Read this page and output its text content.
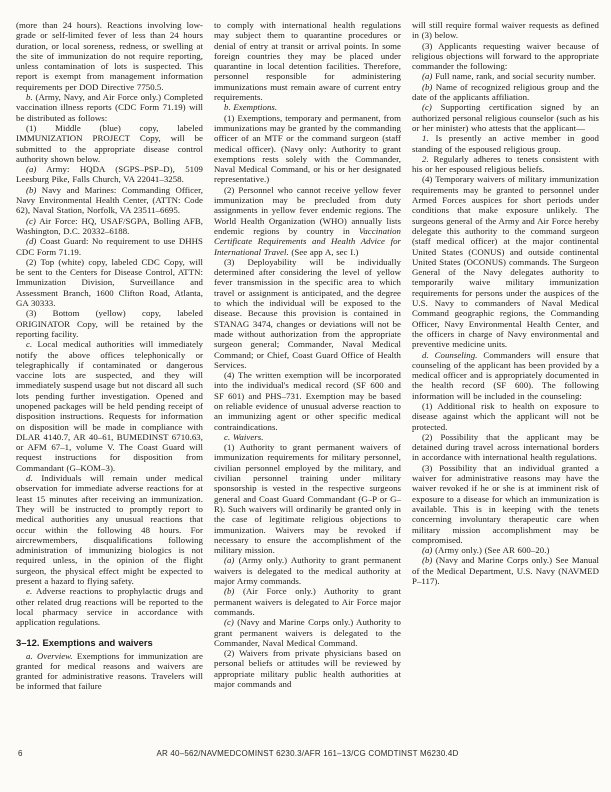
(more than 24 hours). Reactions involving low-grade or self-limited fever of less than 24 hours duration, or local soreness, redness, or swelling at the site of immunization do not require reporting, unless contamination of lots is suspected. This report is exempt from management information requirements per DOD Directive 7750.5.

b. (Army, Navy, and Air Force only.) Completed vaccination illness reports (CDC Form 71.19) will be distributed as follows:

(1) Middle (blue) copy, labeled IMMUNIZATION PROJECT Copy, will be submitted to the appropriate disease control authority shown below.

(a) Army: HQDA (SGPS–PSP–D), 5109 Leesburg Pike, Falls Church, VA 22041–3258.

(b) Navy and Marines: Commanding Officer, Navy Environmental Health Center, (ATTN: Code 62), Naval Station, Norfolk, VA 23511–6695.

(c) Air Force: HQ, USAF/SGPA, Bolling AFB, Washington, D.C. 20332–6188.

(d) Coast Guard: No requirement to use DHHS CDC Form 71.19.

(2) Top (white) copy, labeled CDC Copy, will be sent to the Centers for Disease Control, ATTN: Immunization Division, Surveillance and Assessment Branch, 1600 Clifton Road, Atlanta, GA 30333.

(3) Bottom (yellow) copy, labeled ORIGINATOR Copy, will be retained by the reporting facility.

c. Local medical authorities will immediately notify the above offices telephonically or telegraphically if contaminated or dangerous vaccine lots are suspected, and they will immediately suspend usage but not discard all such lots pending further investigation. Opened and unopened packages will be held pending receipt of disposition instructions. Requests for information on disposition will be made in compliance with DLAR 4140.7, AR 40–61, BUMEDINST 6710.63, or AFM 67–1, volume V. The Coast Guard will request instructions for disposition from Commandant (G–KOM–3).

d. Individuals will remain under medical observation for immediate adverse reactions for at least 15 minutes after receiving an immunization. They will be instructed to promptly report to medical authorities any unusual reactions that occur within the following 48 hours. For aircrewmembers, disqualifications following administration of immunizing biologics is not required unless, in the opinion of the flight surgeon, the physical effect might be expected to present a hazard to flying safety.

e. Adverse reactions to prophylactic drugs and other related drug reactions will be reported to the local pharmacy service in accordance with application regulations.

3–12. Exemptions and waivers

a. Overview. Exemptions for immunization are granted for medical reasons and waivers are granted for administrative reasons. Travelers will be informed that failure

to comply with international health regulations may subject them to quarantine procedures or denial of entry at transit or arrival points. In some foreign countries they may be placed under quarantine in local detention facilities. Therefore, personnel responsible for administering immunizations must remain aware of current entry requirements.

b. Exemptions.

(1) Exemptions, temporary and permanent, from immunizations may be granted by the commanding officer of an MTF or the command surgeon (staff medical officer). (Navy only: Authority to grant exemptions rests solely with the Commander, Naval Medical Command, or his or her designated representative.)

(2) Personnel who cannot receive yellow fever immunization may be precluded from duty assignments in yellow fever endemic regions. The World Health Organization (WHO) annually lists endemic regions by country in Vaccination Certificate Requirements and Health Advice for International Travel. (See app A, sec I.)

(3) Deployability will be individually determined after considering the level of yellow fever transmission in the specific area to which travel or assignment is anticipated, and the degree to which the individual will be exposed to the disease. Because this provision is contained in STANAG 3474, changes or deviations will not be made without authorization from the appropriate surgeon general; Commander, Naval Medical Command; or Chief, Coast Guard Office of Health Services.

(4) The written exemption will be incorporated into the individual's medical record (SF 600 and SF 601) and PHS–731. Exemption may be based on reliable evidence of unusual adverse reaction to an immunizing agent or other specific medical contraindications.

c. Waivers.

(1) Authority to grant permanent waivers of immunization requirements for military personnel, civilian personnel employed by the military, and civilian personnel training under military sponsorship is vested in the respective surgeons general and Coast Guard Commandant (G–P or G–R). Such waivers will ordinarily be granted only in the case of legitimate religious objections to immunization. Waivers may be revoked if necessary to ensure the accomplishment of the military mission.

(a) (Army only.) Authority to grant permanent waivers is delegated to the medical authority at major Army commands.

(b) (Air Force only.) Authority to grant permanent waivers is delegated to Air Force major commands.

(c) (Navy and Marine Corps only.) Authority to grant permanent waivers is delegated to the Commander, Naval Medical Command.

(2) Waivers from private physicians based on personal beliefs or attitudes will be reviewed by appropriate military public health authorities at major commands and

will still require formal waiver requests as defined in (3) below.

(3) Applicants requesting waiver because of religious objections will forward to the appropriate commander the following:

(a) Full name, rank, and social security number.

(b) Name of recognized religious group and the date of the applicants affiliation.

(c) Supporting certification signed by an authorized personal religious counselor (such as his or her minister) who attests that the applicant—

1. Is presently an active member in good standing of the espoused religious group.

2. Regularly adheres to tenets consistent with his or her espoused religious beliefs.

(4) Temporary waivers of military immunization requirements may be granted to personnel under Armed Forces auspices for short periods under conditions that make exposure unlikely. The surgeons general of the Army and Air Force hereby delegate this authority to the command surgeon (staff medical officer) at the major continental United States (CONUS) and outside continental United States (OCONUS) commands. The Surgeon General of the Navy delegates authority to temporarily waive military immunization requirements for persons under the auspices of the U.S. Navy to commanders of Naval Medical Command geographic regions, the Commanding Officer, Navy Environmental Health Center, and the officers in charge of Navy environmental and preventive medicine units.

d. Counseling. Commanders will ensure that counseling of the applicant has been provided by a medical officer and is appropriately documented in the health record (SF 600). The following information will be included in the counseling:

(1) Additional risk to health on exposure to disease against which the applicant will not be protected.

(2) Possibility that the applicant may be detained during travel across international borders in accordance with international health regulations.

(3) Possibility that an individual granted a waiver for administrative reasons may have the waiver revoked if he or she is at imminent risk of exposure to a disease for which an immunization is available. This is in keeping with the tenets concerning involuntary therapeutic care when military mission accomplishment may be compromised.

(a) (Army only.) (See AR 600–20.)

(b) (Navy and Marine Corps only.) See Manual of the Medical Department, U.S. Navy (NAVMED P–117).

6	AR 40–562/NAVMEDCOMINST 6230.3/AFR 161–13/CG COMDTINST M6230.4D
